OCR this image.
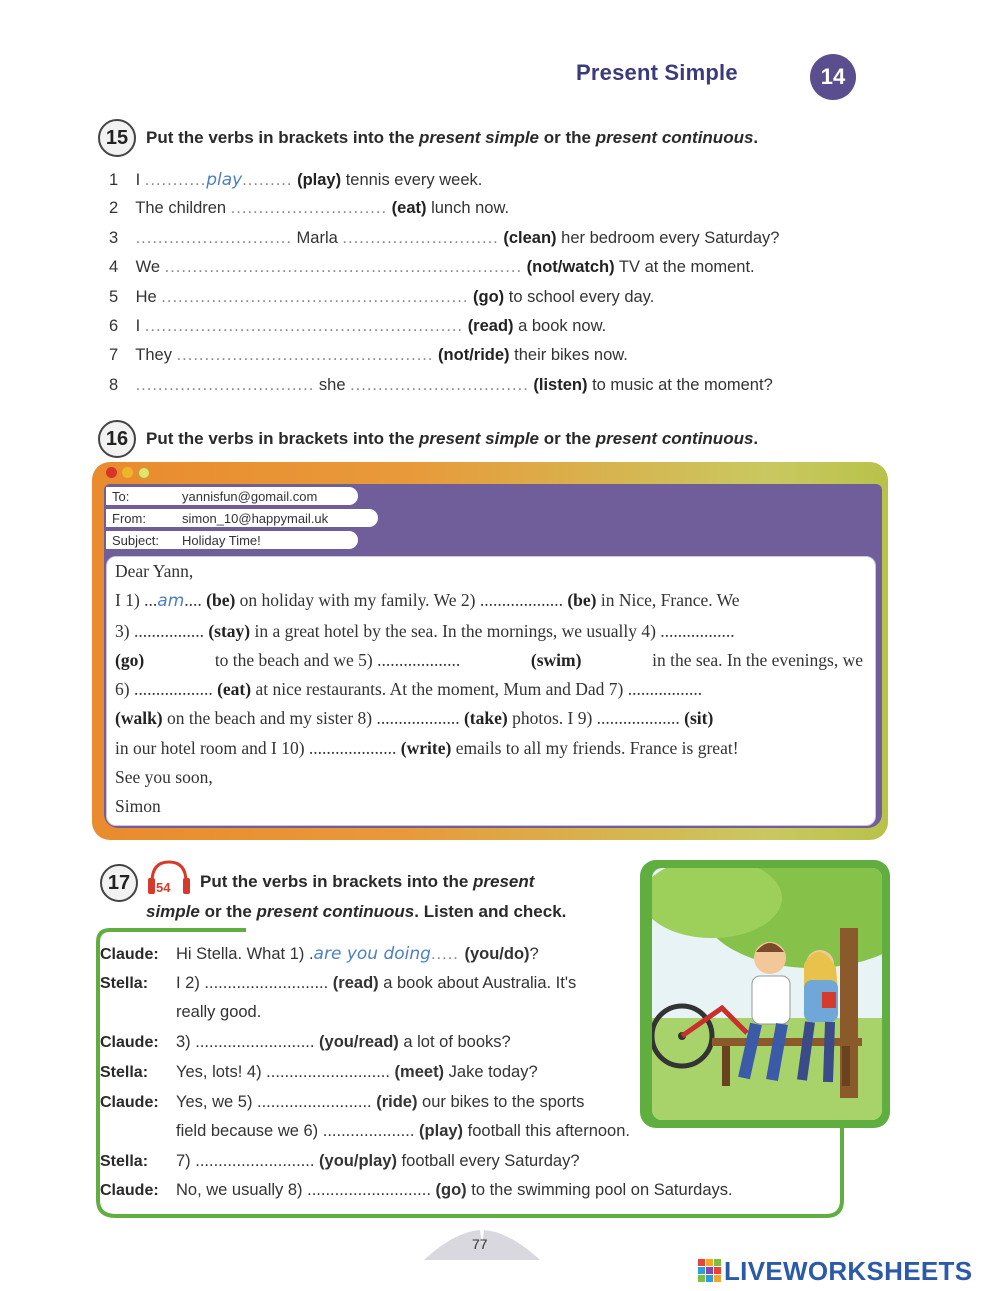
Present Simple	14
15	Put the verbs in brackets into the present simple or the present continuous.
1 I ...........play......... (play) tennis every week.
2 The children ............................ (eat) lunch now.
3 ............................ Marla ............................ (clean) her bedroom every Saturday?
4 We ................................................................ (not/watch) TV at the moment.
5 He ....................................................... (go) to school every day.
6 I ......................................................... (read) a book now.
7 They .............................................. (not/ride) their bikes now.
8 ................................ she ................................ (listen) to music at the moment?
16	Put the verbs in brackets into the present simple or the present continuous.
To:	yannisfun@gomail.com
From:	simon_10@happymail.uk
Subject:	Holiday Time!
Dear Yann,
I 1) ...am.... (be) on holiday with my family. We 2) ................... (be) in Nice, France. We
3) ................ (stay) in a great hotel by the sea. In the mornings, we usually 4) .................
(go)	to the beach and we 5) ...................	(swim)	in the sea. In the evenings, we
6) .................. (eat) at nice restaurants. At the moment, Mum and Dad 7) .................
(walk) on the beach and my sister 8) ................... (take) photos. I 9) ................... (sit)
in our hotel room and I 10) .................... (write) emails to all my friends. France is great!
See you soon,
Simon
17	54 Put the verbs in brackets into the present
simple or the present continuous. Listen and check.
Claude: Hi Stella. What 1) .are you doing..... (you/do)?
Stella: I 2) ........................... (read) a book about Australia. It's
really good.
Claude: 3) .......................... (you/read) a lot of books?
Stella: Yes, lots! 4) ........................... (meet) Jake today?
Claude: Yes, we 5) ......................... (ride) our bikes to the sports
field because we 6) .................... (play) football this afternoon.
Stella: 7) .......................... (you/play) football every Saturday?
Claude: No, we usually 8) ........................... (go) to the swimming pool on Saturdays.
77
LIVEWORKSHEETS
